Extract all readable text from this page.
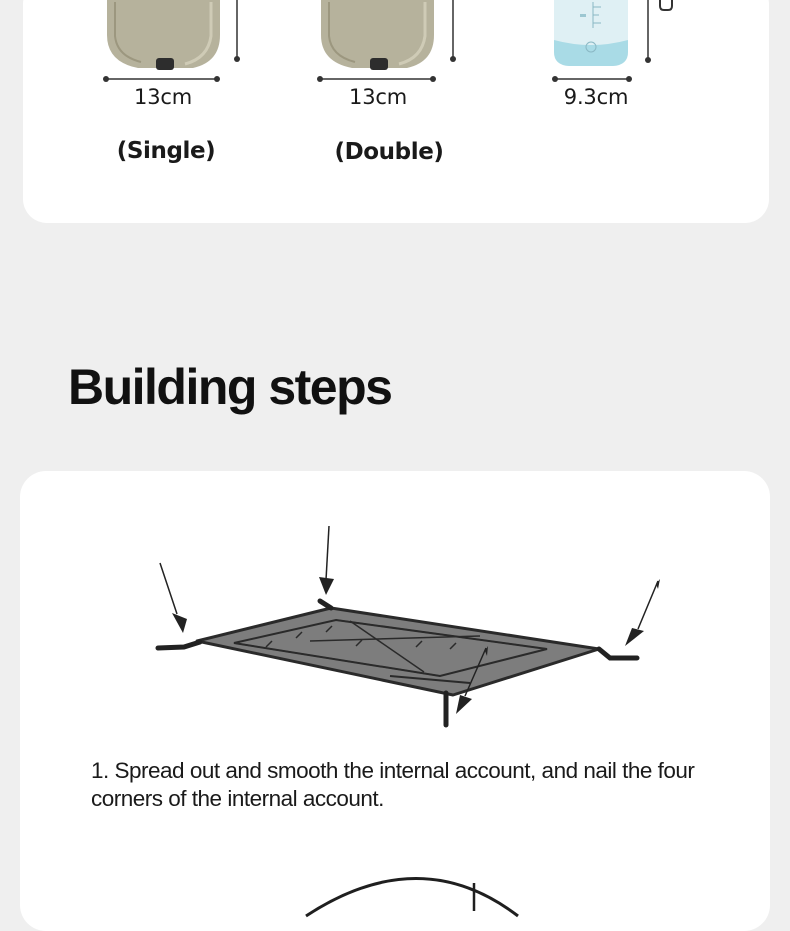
13cm	13cm	9.3cm
(Single)	(Double)
Building steps

1. Spread out and smooth the internal account, and nail the four corners of the internal account.
